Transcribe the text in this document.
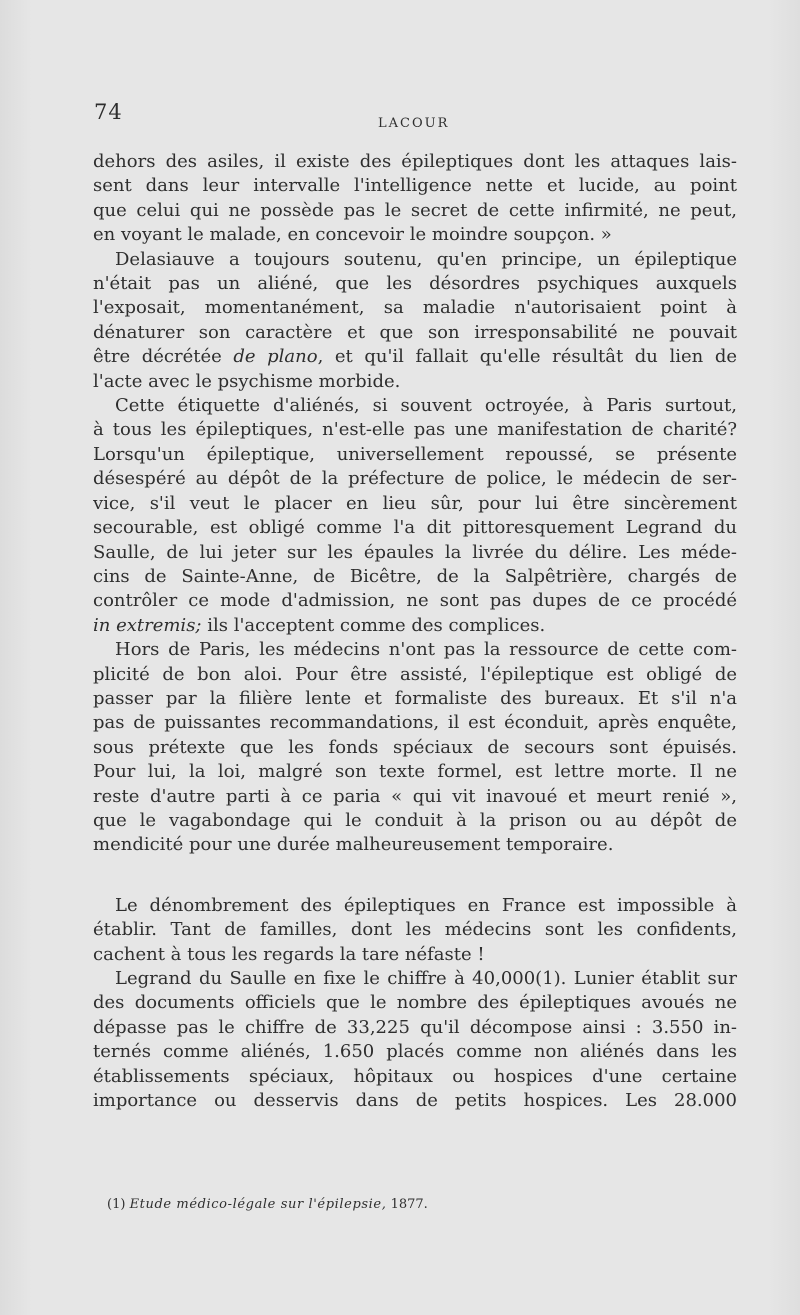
74	LACOUR
dehors des asiles, il existe des épileptiques dont les attaques lais-
sent dans leur intervalle l'intelligence nette et lucide, au point
que celui qui ne possède pas le secret de cette infirmité, ne peut,
en voyant le malade, en concevoir le moindre soupçon. »
Delasiauve a toujours soutenu, qu'en principe, un épileptique
n'était pas un aliéné, que les désordres psychiques auxquels
l'exposait, momentanément, sa maladie n'autorisaient point à
dénaturer son caractère et que son irresponsabilité ne pouvait
être décrétée de plano, et qu'il fallait qu'elle résultât du lien de
l'acte avec le psychisme morbide.
Cette étiquette d'aliénés, si souvent octroyée, à Paris surtout,
à tous les épileptiques, n'est-elle pas une manifestation de charité?
Lorsqu'un épileptique, universellement repoussé, se présente
désespéré au dépôt de la préfecture de police, le médecin de ser-
vice, s'il veut le placer en lieu sûr, pour lui être sincèrement
secourable, est obligé comme l'a dit pittoresquement Legrand du
Saulle, de lui jeter sur les épaules la livrée du délire. Les méde-
cins de Sainte-Anne, de Bicêtre, de la Salpêtrière, chargés de
contrôler ce mode d'admission, ne sont pas dupes de ce procédé
in extremis; ils l'acceptent comme des complices.
Hors de Paris, les médecins n'ont pas la ressource de cette com-
plicité de bon aloi. Pour être assisté, l'épileptique est obligé de
passer par la filière lente et formaliste des bureaux. Et s'il n'a
pas de puissantes recommandations, il est éconduit, après enquête,
sous prétexte que les fonds spéciaux de secours sont épuisés.
Pour lui, la loi, malgré son texte formel, est lettre morte. Il ne
reste d'autre parti à ce paria « qui vit inavoué et meurt renié »,
que le vagabondage qui le conduit à la prison ou au dépôt de
mendicité pour une durée malheureusement temporaire.
Le dénombrement des épileptiques en France est impossible à
établir. Tant de familles, dont les médecins sont les confidents,
cachent à tous les regards la tare néfaste !
Legrand du Saulle en fixe le chiffre à 40,000(1). Lunier établit sur
des documents officiels que le nombre des épileptiques avoués ne
dépasse pas le chiffre de 33,225 qu'il décompose ainsi : 3.550 in-
ternés comme aliénés, 1.650 placés comme non aliénés dans les
établissements spéciaux, hôpitaux ou hospices d'une certaine
importance ou desservis dans de petits hospices. Les 28.000
(1) Etude médico-légale sur l'épilepsie, 1877.
